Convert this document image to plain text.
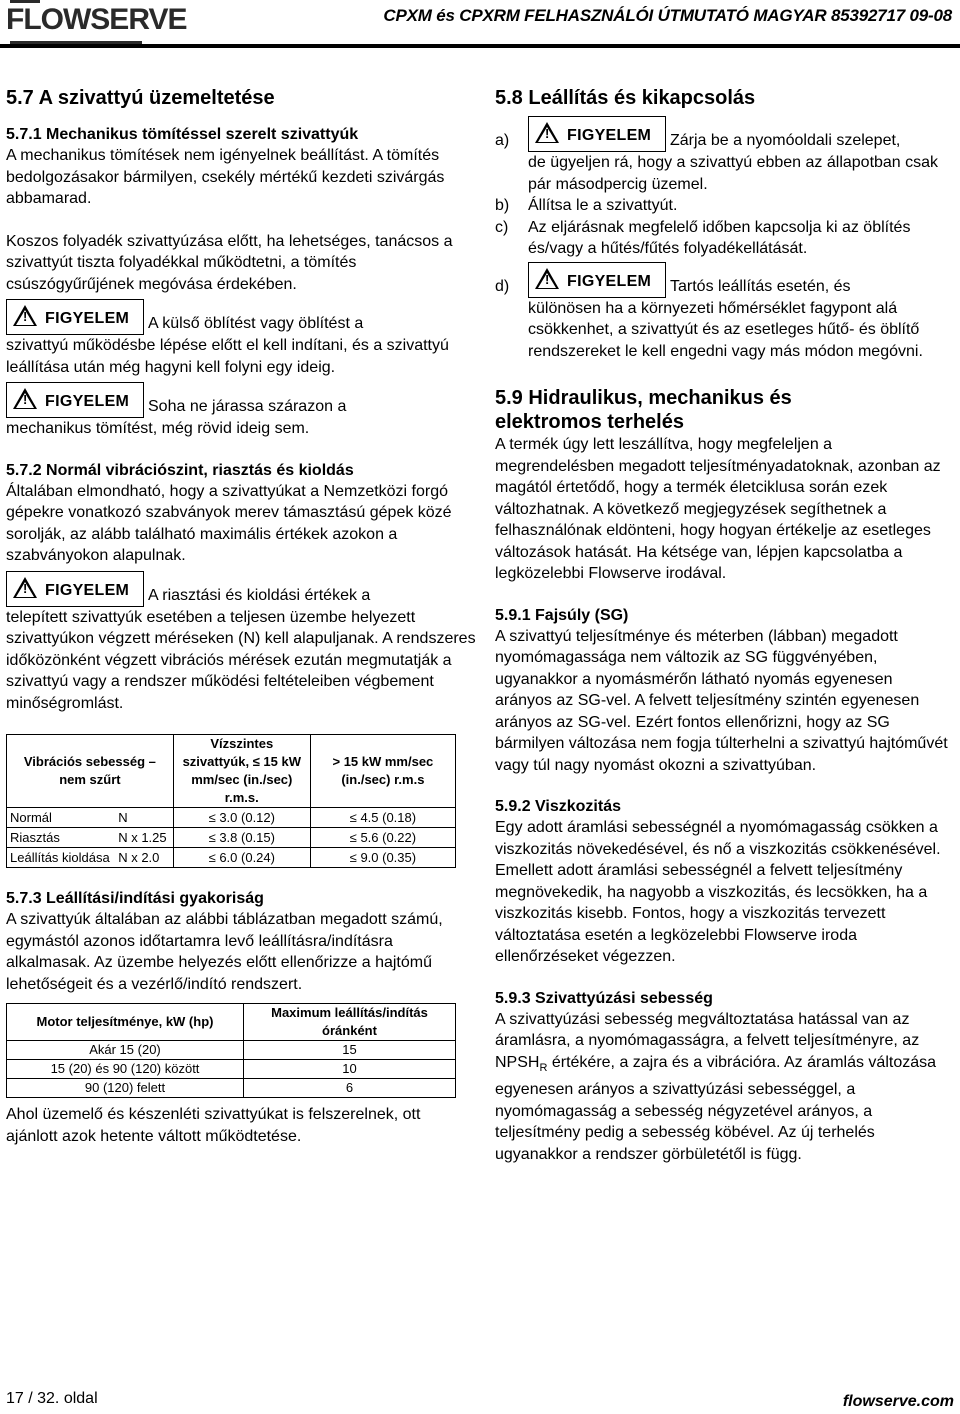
FLOWSERVE	CPXM és CPXRM FELHASZNÁLÓI ÚTMUTATÓ MAGYAR 85392717 09-08
5.7 A szivattyú üzemeltetése
5.7.1 Mechanikus tömítéssel szerelt szivattyúk

A mechanikus tömítések nem igényelnek beállítást. A tömítés bedolgozásakor bármilyen, csekély mértékű kezdeti szivárgás abbamarad.

Koszos folyadék szivattyúzása előtt, ha lehetséges, tanácsos a szivattyút tiszta folyadékkal működtetni, a tömítés csúszógyűrűjének megóvása érdekében.

! FIGYELEM	A külső öblítést vagy öblítést a

szivattyú működésbe lépése előtt el kell indítani, és a szivattyú leállítása után még hagyni kell folyni egy ideig.

! FIGYELEM	Soha ne járassa szárazon a

mechanikus tömítést, még rövid ideig sem.

5.7.2 Normál vibrációszint, riasztás és kioldás

Általában elmondható, hogy a szivattyúkat a Nemzetközi forgó gépekre vonatkozó szabványok merev támasztású gépek közé sorolják, az alább található maximális értékek azokon a szabványokon alapulnak.

! FIGYELEM	A riasztási és kioldási értékek a

telepített szivattyúk esetében a teljesen üzembe helyezett szivattyúkon végzett méréseken (N) kell alapuljanak. A rendszeres időközönként végzett vibrációs mérések ezután megmutatják a szivattyú vagy a rendszer működési feltételeiben végbement minőségromlást.

Vibrációs sebesség – nem szűrt		Vízszintes szivattyúk, ≤ 15 kW mm/sec (in./sec) r.m.s.	> 15 kW mm/sec (in./sec) r.m.s
Normál	N	≤ 3.0 (0.12)	≤ 4.5 (0.18)
Riasztás	N x 1.25	≤ 3.8 (0.15)	≤ 5.6 (0.22)
Leállítás kioldása	N x 2.0	≤ 6.0 (0.24)	≤ 9.0 (0.35)
5.7.3 Leállítási/indítási gyakoriság

A szivattyúk általában az alábbi táblázatban megadott számú, egymástól azonos időtartamra levő leállításra/indításra alkalmasak. Az üzembe helyezés előtt ellenőrizze a hajtómű lehetőségeit és a vezérlő/indító rendszert.

Motor teljesítménye, kW (hp)	Maximum leállítás/indítás óránként
Akár 15 (20)	15
15 (20) és 90 (120) között	10
90 (120) felett	6

Ahol üzemelő és készenléti szivattyúkat is felszerelnek, ott ajánlott azok hetente váltott működtetése.

5.8 Leállítás és kikapcsolás
a)	! FIGYELEM	Zárja be a nyomóoldali szelepet,

de ügyeljen rá, hogy a szivattyú ebben az állapotban csak pár másodpercig üzemel.

b)	Állítsa le a szivattyút.
c)	Az eljárásnak megfelelő időben kapcsolja ki az öblítés és/vagy a hűtés/fűtés folyadékellátását.
d)	! FIGYELEM	Tartós leállítás esetén, és

különösen ha a környezeti hőmérséklet fagypont alá csökkenhet, a szivattyút és az esetleges hűtő- és öblítő rendszereket le kell engedni vagy más módon megóvni.

5.9 Hidraulikus, mechanikus és elektromos terhelés

A termék úgy lett leszállítva, hogy megfeleljen a megrendelésben megadott teljesítményadatoknak, azonban az magától értetődő, hogy a termék életciklusa során ezek változhatnak. A következő megjegyzések segíthetnek a felhasználónak eldönteni, hogy hogyan értékelje az esetleges változások hatását. Ha kétsége van, lépjen kapcsolatba a legközelebbi Flowserve irodával.

5.9.1 Fajsúly (SG)

A szivattyú teljesítménye és méterben (lábban) megadott nyomómagassága nem változik az SG függvényében, ugyanakkor a nyomásmérőn látható nyomás egyenesen arányos az SG-vel. A felvett teljesítmény szintén egyenesen arányos az SG-vel. Ezért fontos ellenőrizni, hogy az SG bármilyen változása nem fogja túlterhelni a szivattyú hajtóművét vagy túl nagy nyomást okozni a szivattyúban.

5.9.2 Viszkozitás

Egy adott áramlási sebességnél a nyomómagasság csökken a viszkozitás növekedésével, és nő a viszkozitás csökkenésével. Emellett adott áramlási sebességnél a felvett teljesítmény megnövekedik, ha nagyobb a viszkozitás, és lecsökken, ha a viszkozitás kisebb. Fontos, hogy a viszkozitás tervezett változtatása esetén a legközelebbi Flowserve iroda ellenőrzéseket végezzen.

5.9.3 Szivattyúzási sebesség

A szivattyúzási sebesség megváltoztatása hatással van az áramlásra, a nyomómagasságra, a felvett teljesítményre, az $NPSH_R$ értékére, a zajra és a vibrációra. Az áramlás változása egyenesen arányos a szivattyúzási sebességgel, a nyomómagasság a sebesség négyzetével arányos, a teljesítmény pedig a sebesség köbével. Az új terhelés ugyanakkor a rendszer görbületétől is függ.

17 / 32. oldal	flowserve.com
